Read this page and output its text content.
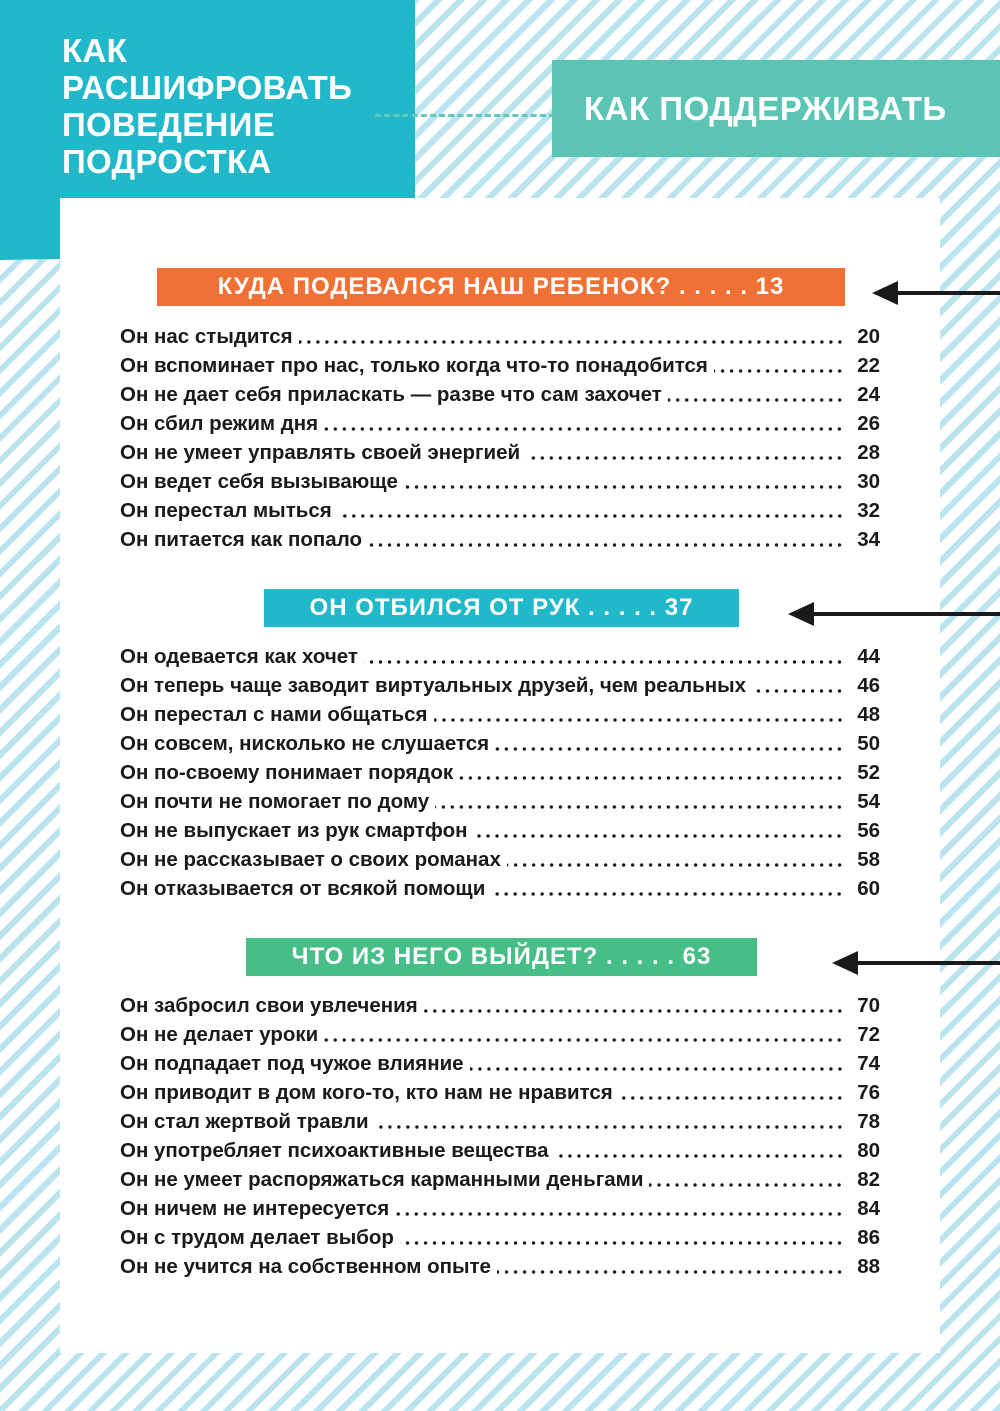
КАК
РАСШИФРОВАТЬ
ПОВЕДЕНИЕ
ПОДРОСТКА
КАК ПОДДЕРЖИВАТЬ
КУДА ПОДЕВАЛСЯ НАШ РЕБЕНОК? . . . . . 13
Он нас стыдится	20
Он вспоминает про нас, только когда что-то понадобится	22
Он не дает себя приласкать — разве что сам захочет	24
Он сбил режим дня	26
Он не умеет управлять своей энергией	28
Он ведет себя вызывающе	30
Он перестал мыться	32
Он питается как попало	34
ОН ОТБИЛСЯ ОТ РУК . . . . . 37
Он одевается как хочет	44
Он теперь чаще заводит виртуальных друзей, чем реальных	46
Он перестал с нами общаться	48
Он совсем, нисколько не слушается	50
Он по-своему понимает порядок	52
Он почти не помогает по дому	54
Он не выпускает из рук смартфон	56
Он не рассказывает о своих романах	58
Он отказывается от всякой помощи	60
ЧТО ИЗ НЕГО ВЫЙДЕТ? . . . . . 63
Он забросил свои увлечения	70
Он не делает уроки	72
Он подпадает под чужое влияние	74
Он приводит в дом кого-то, кто нам не нравится	76
Он стал жертвой травли	78
Он употребляет психоактивные вещества	80
Он не умеет распоряжаться карманными деньгами	82
Он ничем не интересуется	84
Он с трудом делает выбор	86
Он не учится на собственном опыте	88
